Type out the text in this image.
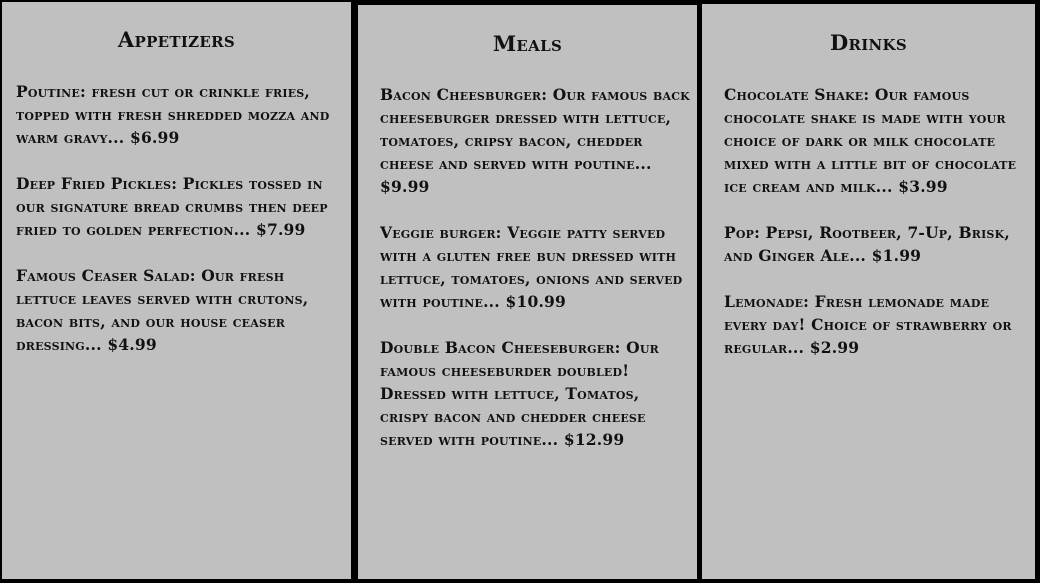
Appetizers
Poutine: fresh cut or crinkle fries, topped with fresh shredded mozza and warm gravy... $6.99
Deep Fried Pickles: Pickles tossed in our signature bread crumbs then deep fried to golden perfection... $7.99
Famous Ceaser Salad: Our fresh lettuce leaves served with crutons, bacon bits, and our house ceaser dressing... $4.99
Meals
Bacon Cheesburger: Our famous back cheeseburger dressed with lettuce, tomatoes, cripsy bacon, chedder cheese and served with poutine... $9.99
Veggie burger: Veggie patty served with a gluten free bun dressed with lettuce, tomatoes, onions and served with poutine... $10.99
Double Bacon Cheeseburger: Our famous cheeseburder doubled! Dressed with lettuce, Tomatos, crispy bacon and chedder cheese served with poutine... $12.99
Drinks
Chocolate Shake: Our famous chocolate shake is made with your choice of dark or milk chocolate mixed with a little bit of chocolate ice cream and milk... $3.99
Pop: Pepsi, Rootbeer, 7-Up, Brisk, and Ginger Ale... $1.99
Lemonade: Fresh lemonade made every day! Choice of strawberry or regular... $2.99
